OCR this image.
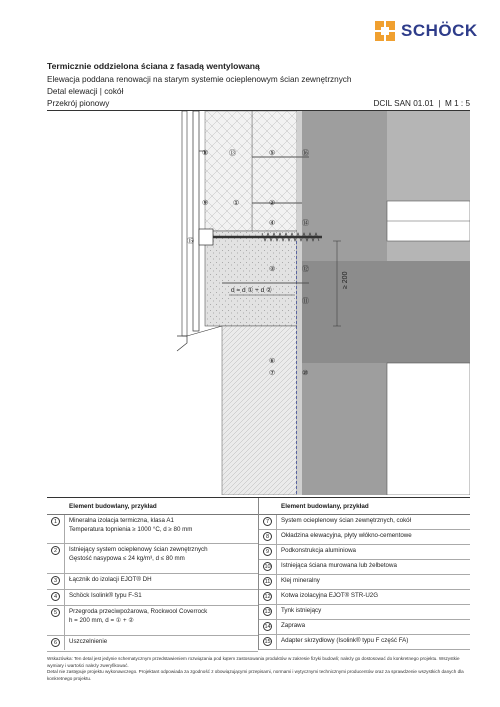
SCHÖCK
Termicznie oddzielona ściana z fasadą wentylowaną
Elewacja poddana renowacji na starym systemie ocieplenowym ścian zewnętrznych
Detal elewacji | cokół
Przekrój pionowy	DCIL SAN 01.01  |  M 1 : 5
≥ 200
d = d ① + d ②
⑧	⑬	⑤	⑯
⑨	①	②
④	⑭
⑮
③	⑫
⑪
⑥
⑦	⑩
Element budowlany, przykład
1	Mineralna izolacja termiczna, klasa A1
Temperatura topnienia ≥ 1000 °C, d ≥ 80 mm
2	Istniejący system ocieplenowy ścian zewnętrznych
Gęstość nasypowa ≤ 24 kg/m³, d ≤ 80 mm
3	Łącznik do izolacji EJOT® DH
4	Schöck Isolink® typu F-S1
5	Przegroda przeciwpożarowa, Rockwool Coverrock
h = 200 mm, d = ① + ②
6	Uszczelnienie
Element budowlany, przykład
7	System ocieplenowy ścian zewnętrznych, cokół
8	Okładzina elewacyjna, płyty włókno-cementowe
9	Podkonstrukcja aluminiowa
10 Istniejąca ściana murowana lub żelbetowa
11 Klej mineralny
12 Kotwa izolacyjna EJOT® STR-U2G
13 Tynk istniejący
14 Zaprawa
15 Adapter skrzydłowy (Isolink® typu F część FA)

Wskazówka: Ten detal jest jedynie schematycznym przedstawieniem rozwiązania pod kątem zastosowania produktów w zakresie fizyki budowli; należy go dostosować do konkretnego projektu. Wszystkie wymiary i wartości należy zweryfikować.

Detal nie zastępuje projektu wykonawczego. Projektant odpowiada za zgodność z obowiązującymi przepisami, normami i wytycznymi technicznymi producentów oraz za sprawdzenie wszystkich danych dla konkretnego projektu.
